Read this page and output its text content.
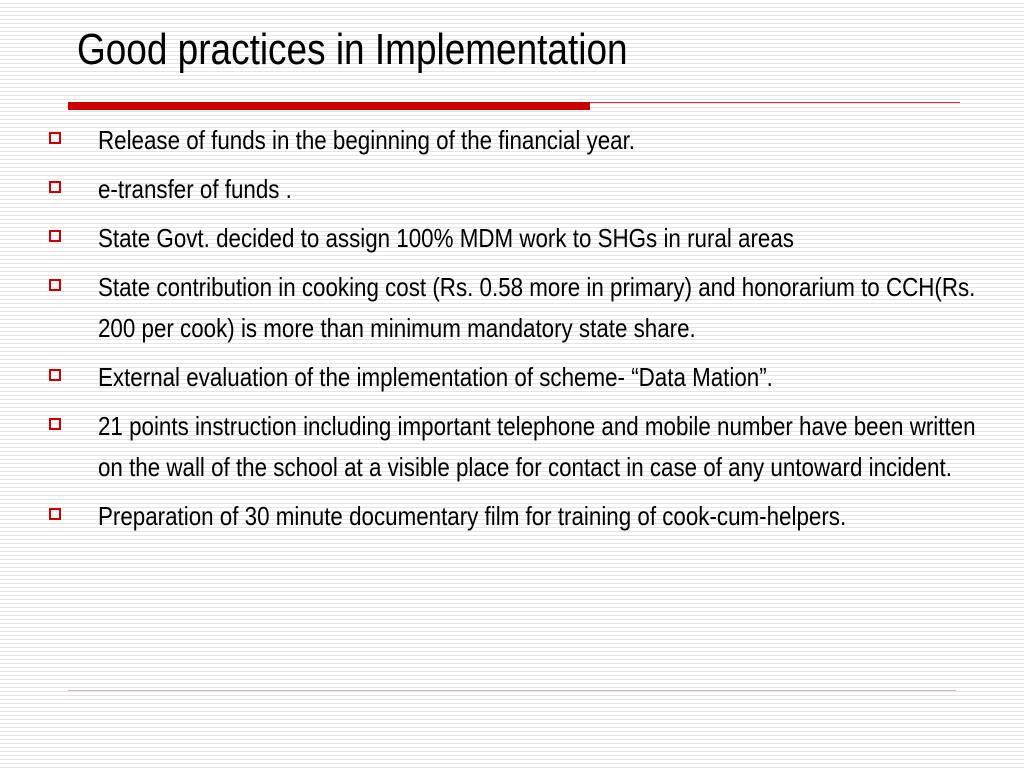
Good practices in Implementation
Release of funds in the beginning of the financial year.
e-transfer of funds .
State Govt. decided to assign 100% MDM work to SHGs in rural areas
State contribution in cooking cost (Rs. 0.58 more in primary) and honorarium to CCH(Rs. 200 per cook) is more than minimum mandatory state share.
External evaluation of the implementation of scheme- “Data Mation”.
21 points instruction including important telephone and mobile number have been written on the wall of the school at a visible place for contact in case of any untoward incident.
Preparation of 30 minute documentary film for training of cook-cum-helpers.
